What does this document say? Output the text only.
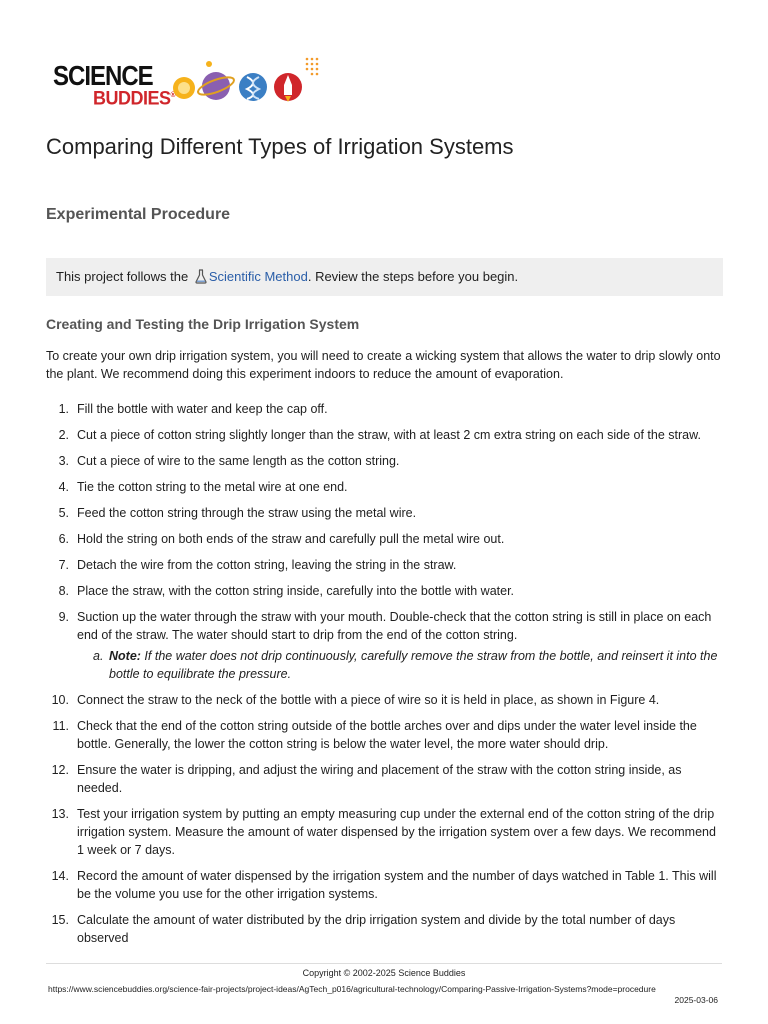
SCIENCE
BUDDIES®
Comparing Different Types of Irrigation Systems
Experimental Procedure
This project follows the Scientific Method. Review the steps before you begin.
Creating and Testing the Drip Irrigation System

To create your own drip irrigation system, you will need to create a wicking system that allows the water to drip slowly onto the plant. We recommend doing this experiment indoors to reduce the amount of evaporation.

1. Fill the bottle with water and keep the cap off.
2. Cut a piece of cotton string slightly longer than the straw, with at least 2 cm extra string on each side of the straw.
3. Cut a piece of wire to the same length as the cotton string.
4. Tie the cotton string to the metal wire at one end.
5. Feed the cotton string through the straw using the metal wire.
6. Hold the string on both ends of the straw and carefully pull the metal wire out.
7. Detach the wire from the cotton string, leaving the string in the straw.
8. Place the straw, with the cotton string inside, carefully into the bottle with water.
9. Suction up the water through the straw with your mouth. Double-check that the cotton string is still in place on each end of the straw. The water should start to drip from the end of the cotton string.
a. Note: If the water does not drip continuously, carefully remove the straw from the bottle, and reinsert it into the bottle to equilibrate the pressure.
10. Connect the straw to the neck of the bottle with a piece of wire so it is held in place, as shown in Figure 4.
11. Check that the end of the cotton string outside of the bottle arches over and dips under the water level inside the bottle. Generally, the lower the cotton string is below the water level, the more water should drip.
12. Ensure the water is dripping, and adjust the wiring and placement of the straw with the cotton string inside, as needed.
13. Test your irrigation system by putting an empty measuring cup under the external end of the cotton string of the drip irrigation system. Measure the amount of water dispensed by the irrigation system over a few days. We recommend 1 week or 7 days.
14. Record the amount of water dispensed by the irrigation system and the number of days watched in Table 1. This will be the volume you use for the other irrigation systems.
15. Calculate the amount of water distributed by the drip irrigation system and divide by the total number of days observed
Copyright © 2002-2025 Science Buddies
https://www.sciencebuddies.org/science-fair-projects/project-ideas/AgTech_p016/agricultural-technology/Comparing-Passive-Irrigation-Systems?mode=procedure
2025-03-06
